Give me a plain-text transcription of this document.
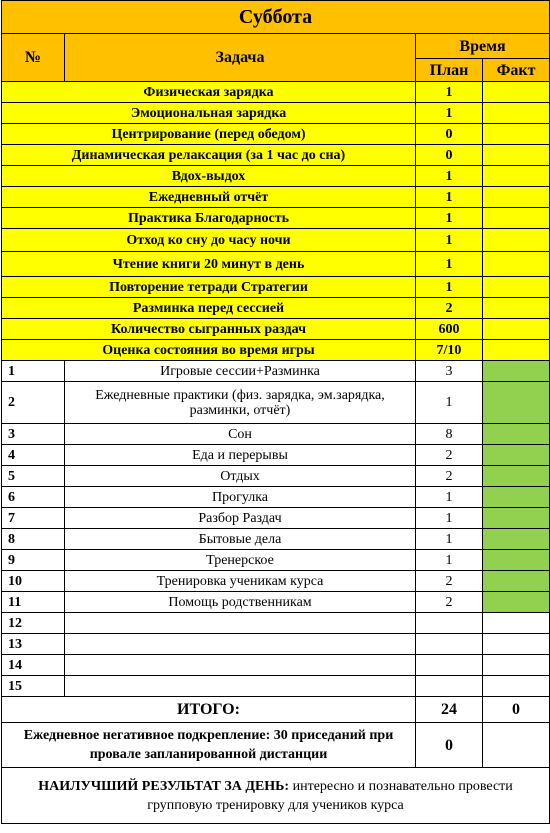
Суббота			
№	Задача	Время	
		План	Факт
Физическая зарядка		1	
Эмоциональная зарядка		1	
Центрирование (перед обедом)		0	
Динамическая релаксация (за 1 час до сна)		0	
Вдох-выдох		1	
Ежедневный отчёт		1	
Практика Благодарность		1	
Отход ко сну до часу ночи		1	
Чтение книги 20 минут в день		1	
Повторение тетради Стратегии		1	
Разминка перед сессией		2	
Количество сыгранных раздач		600	
Оценка состояния во время игры		7/10	
1	Игровые сессии+Разминка	3	
2	Ежедневные практики (физ. зарядка, эм.зарядка, разминки, отчёт)	1	
3	Сон	8	
4	Еда и перерывы	2	
5	Отдых	2	
6	Прогулка	1	
7	Разбор Раздач	1	
8	Бытовые дела	1	
9	Тренерское	1	
10	Тренировка ученикам курса	2	
11	Помощь родственникам	2	
12			
13			
14			
15			
ИТОГО:		24	0
Ежедневное негативное подкрепление: 30 приседаний при провале запланированной дистанции		0	
НАИЛУЧШИЙ РЕЗУЛЬТАТ ЗА ДЕНЬ: интересно и познавательно провести групповую тренировку для учеников курса			
